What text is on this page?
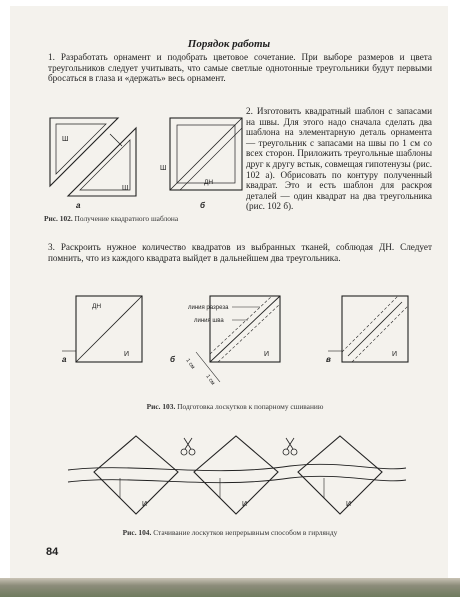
Порядок работы

1. Разработать орнамент и подобрать цветовое сочетание. При выборе размеров и цвета треугольников следует учитывать, что самые светлые однотонные треугольники будут первыми бросаться в глаза и «держать» весь орнамент.

Ш
Ш
Ш
ДН
а	б
Рис. 102. Получение квадратного шаблона

2. Изготовить квадратный шаблон с запасами на швы. Для этого надо сначала сделать два шаблона на элементарную деталь орнамента — треугольник с запасами на швы по 1 см со всех сторон. Приложить треугольные шаблоны друг к другу встык, совмещая гипотенузы (рис. 102 а). Обрисовать по контуру полученный квадрат. Это и есть шаблон для раскроя деталей — один квадрат на два треугольника (рис. 102 б).

3. Раскроить нужное количество квадратов из выбранных тканей, соблюдая ДН. Следует помнить, что из каждого квадрата выйдет в дальнейшем два треугольника.

ДН
И
линия разреза
линия шва
И
1 см
1 см
И
а	б	в
Рис. 103. Подготовка лоскутков к попарному сшиванию
И	И	И
Рис. 104. Стачивание лоскутков непрерывным способом в гирлянду
84
